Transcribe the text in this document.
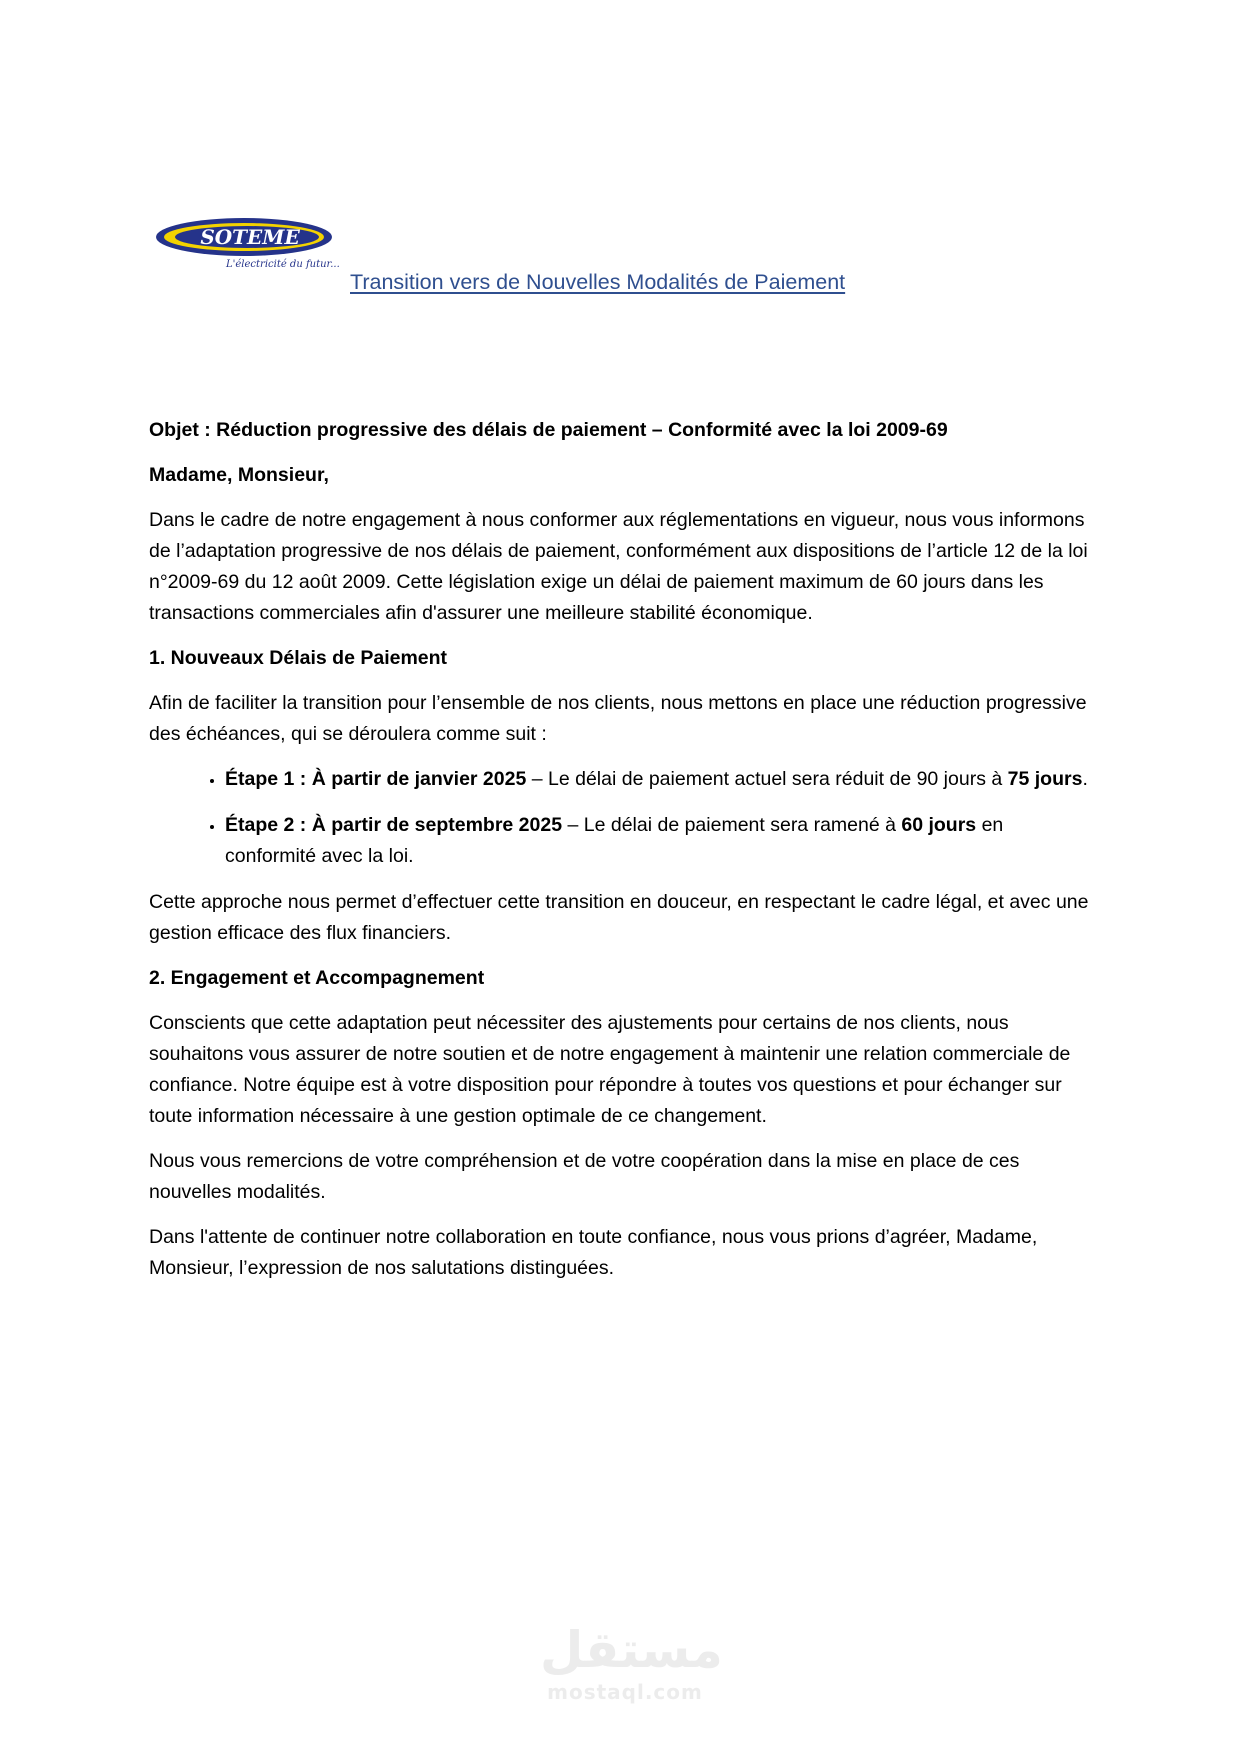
SOTEME
L'électricité du futur...
Transition vers de Nouvelles Modalités de Paiement

Objet : Réduction progressive des délais de paiement – Conformité avec la loi 2009-69

Madame, Monsieur,

Dans le cadre de notre engagement à nous conformer aux réglementations en vigueur, nous vous informons de l’adaptation progressive de nos délais de paiement, conformément aux dispositions de l’article 12 de la loi n°2009-69 du 12 août 2009. Cette législation exige un délai de paiement maximum de 60 jours dans les transactions commerciales afin d'assurer une meilleure stabilité économique.

1. Nouveaux Délais de Paiement

Afin de faciliter la transition pour l’ensemble de nos clients, nous mettons en place une réduction progressive des échéances, qui se déroulera comme suit :

• Étape 1 : À partir de janvier 2025 – Le délai de paiement actuel sera réduit de 90 jours à 75 jours.
• Étape 2 : À partir de septembre 2025 – Le délai de paiement sera ramené à 60 jours en conformité avec la loi.

Cette approche nous permet d’effectuer cette transition en douceur, en respectant le cadre légal, et avec une gestion efficace des flux financiers.

2. Engagement et Accompagnement

Conscients que cette adaptation peut nécessiter des ajustements pour certains de nos clients, nous souhaitons vous assurer de notre soutien et de notre engagement à maintenir une relation commerciale de confiance. Notre équipe est à votre disposition pour répondre à toutes vos questions et pour échanger sur toute information nécessaire à une gestion optimale de ce changement.

Nous vous remercions de votre compréhension et de votre coopération dans la mise en place de ces nouvelles modalités.

Dans l'attente de continuer notre collaboration en toute confiance, nous vous prions d’agréer, Madame, Monsieur, l’expression de nos salutations distinguées.

مستقل
mostaql.com
